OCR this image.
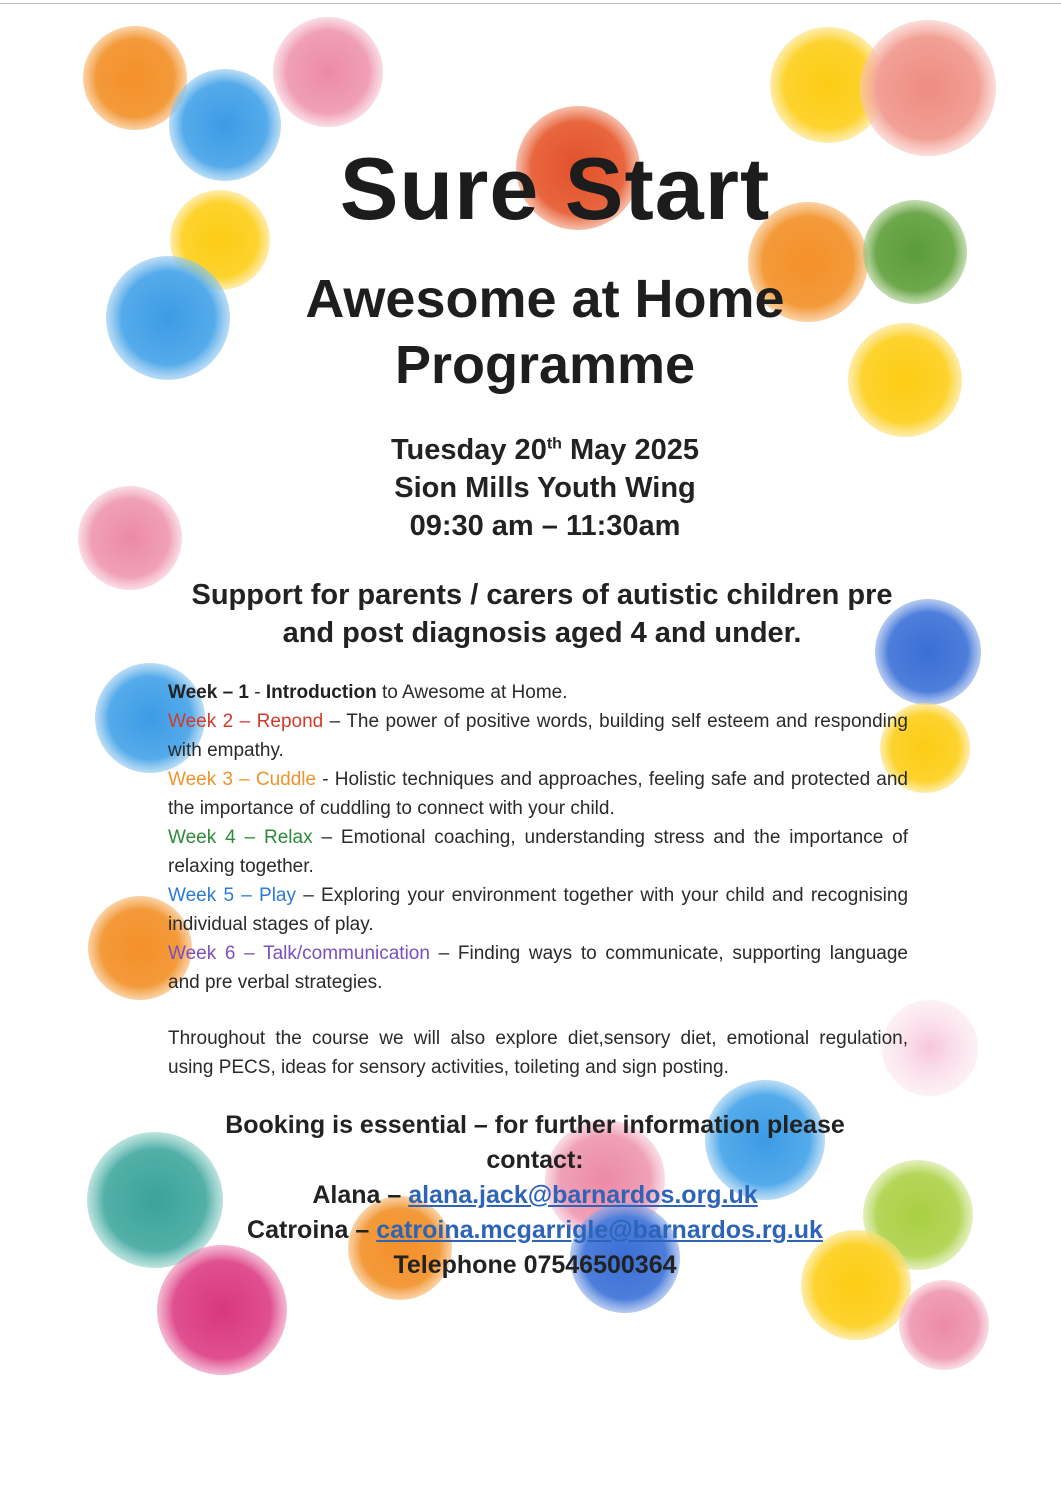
Sure Start
Awesome at Home
Programme
Tuesday 20th May 2025
Sion Mills Youth Wing
09:30 am – 11:30am
Support for parents / carers of autistic children pre
and post diagnosis aged 4 and under.

Week – 1 - Introduction to Awesome at Home.

Week 2 – Repond – The power of positive words, building self esteem and responding with empathy.

Week 3 – Cuddle - Holistic techniques and approaches, feeling safe and protected and the importance of cuddling to connect with your child.

Week 4 – Relax – Emotional coaching, understanding stress and the importance of relaxing together.

Week 5 – Play – Exploring your environment together with your child and recognising individual stages of play.

Week 6 – Talk/communication – Finding ways to communicate, supporting language and pre verbal strategies.

Throughout the course we will also explore diet,sensory diet, emotional regulation, using PECS, ideas for sensory activities, toileting and sign posting.

Booking is essential – for further information please
contact:
Alana – alana.jack@barnardos.org.uk
Catroina – catroina.mcgarrigle@barnardos.rg.uk
Telephone 07546500364
